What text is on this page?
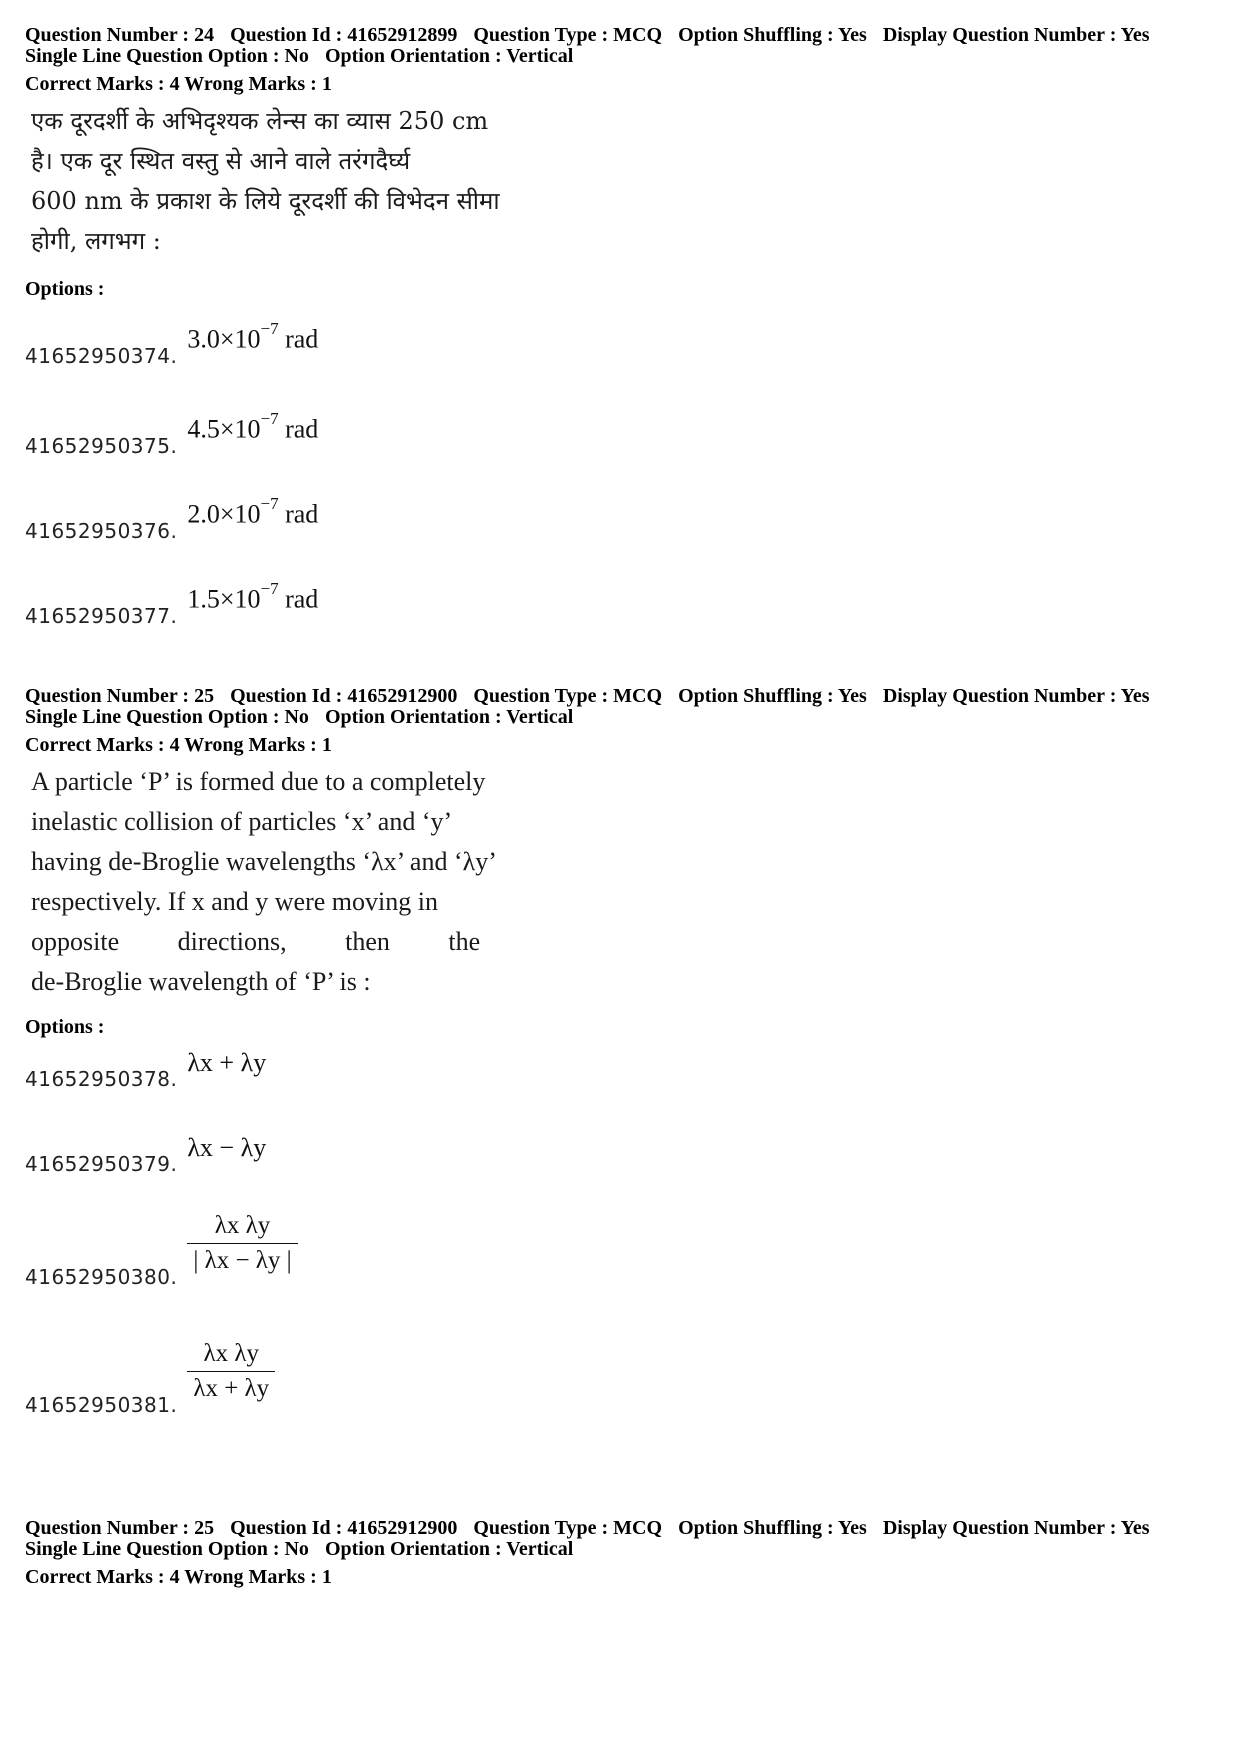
Question Number : 24 Question Id : 41652912899 Question Type : MCQ Option Shuffling : Yes Display Question Number : Yes

Single Line Question Option : No Option Orientation : Vertical

Correct Marks : 4 Wrong Marks : 1
एक दूरदर्शी के अभिदृश्यक लेन्स का व्यास 250 cm
है। एक दूर स्थित वस्तु से आने वाले तरंगदैर्घ्य
600 nm के प्रकाश के लिये दूरदर्शी की विभेदन सीमा
होगी, लगभग :
Options :
41652950374.
$3.0\times 10^{-7}$ rad
41652950375.
$4.5\times 10^{-7}$ rad
41652950376.
$2.0\times 10^{-7}$ rad
41652950377.
$1.5\times 10^{-7}$ rad

Question Number : 25 Question Id : 41652912900 Question Type : MCQ Option Shuffling : Yes Display Question Number : Yes

Single Line Question Option : No Option Orientation : Vertical

Correct Marks : 4 Wrong Marks : 1
A particle ‘P’ is formed due to a completely
inelastic collision of particles ‘x’ and ‘y’
having de-Broglie wavelengths ‘λx’ and ‘λy’
respectively. If x and y were moving in
opposite directions, then the
de-Broglie wavelength of ‘P’ is :
Options :
41652950378.
λx + λy
41652950379.
λx − λy
41652950380.
$\frac{\text{λx λy}}{| \lambda x - \lambda y |}$
41652950381.
$\frac{\text{λx λy}}{\lambda x + \lambda y}$

Question Number : 25 Question Id : 41652912900 Question Type : MCQ Option Shuffling : Yes Display Question Number : Yes

Single Line Question Option : No Option Orientation : Vertical

Correct Marks : 4 Wrong Marks : 1
